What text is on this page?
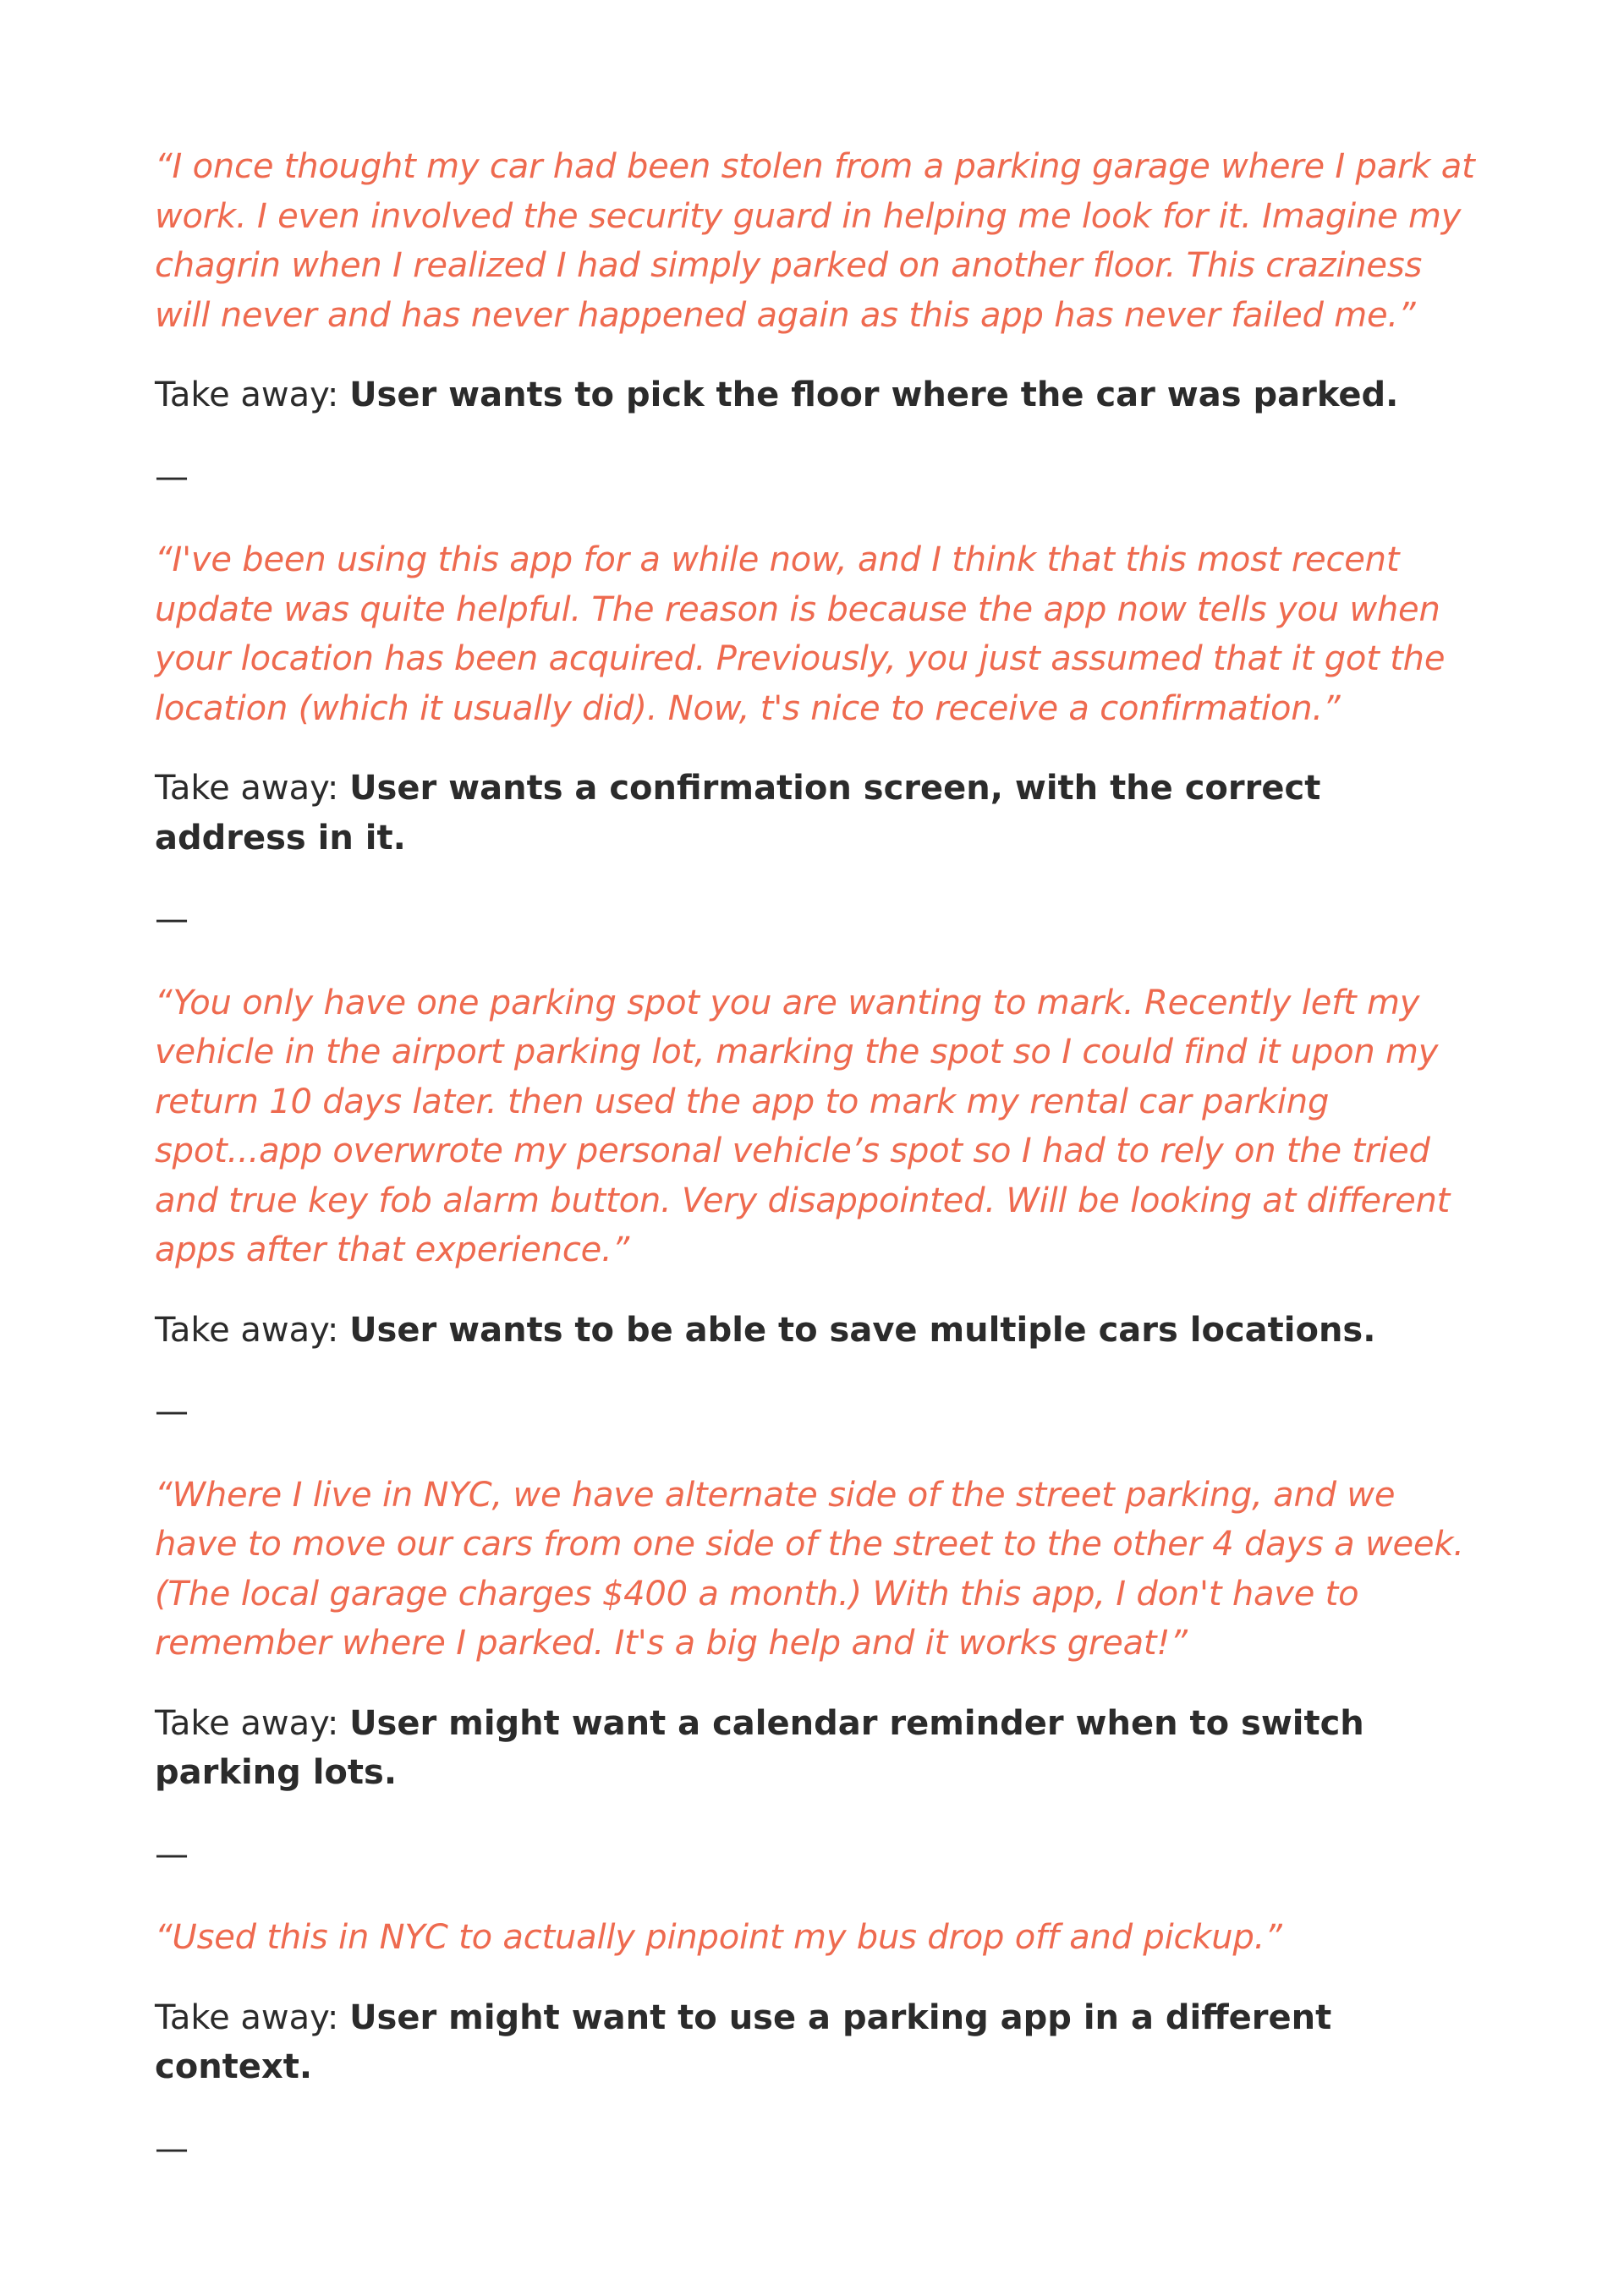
“I once thought my car had been stolen from a parking garage where I park at work. I even involved the security guard in helping me look for it. Imagine my chagrin when I realized I had simply parked on another floor. This craziness will never and has never happened again as this app has never failed me.”

Take away: User wants to pick the floor where the car was parked.

—

“I've been using this app for a while now, and I think that this most recent update was quite helpful. The reason is because the app now tells you when your location has been acquired. Previously, you just assumed that it got the location (which it usually did). Now, t's nice to receive a confirmation.”

Take away: User wants a confirmation screen, with the correct address in it.

—

“You only have one parking spot you are wanting to mark. Recently left my vehicle in the airport parking lot, marking the spot so I could find it upon my return 10 days later. then used the app to mark my rental car parking spot...app overwrote my personal vehicle’s spot so I had to rely on the tried and true key fob alarm button. Very disappointed. Will be looking at different apps after that experience.”

Take away: User wants to be able to save multiple cars locations.

—

“Where I live in NYC, we have alternate side of the street parking, and we have to move our cars from one side of the street to the other 4 days a week. (The local garage charges $400 a month.) With this app, I don't have to remember where I parked. It's a big help and it works great!”

Take away: User might want a calendar reminder when to switch parking lots.

—

“Used this in NYC to actually pinpoint my bus drop off and pickup.”

Take away: User might want to use a parking app in a different context.

—
